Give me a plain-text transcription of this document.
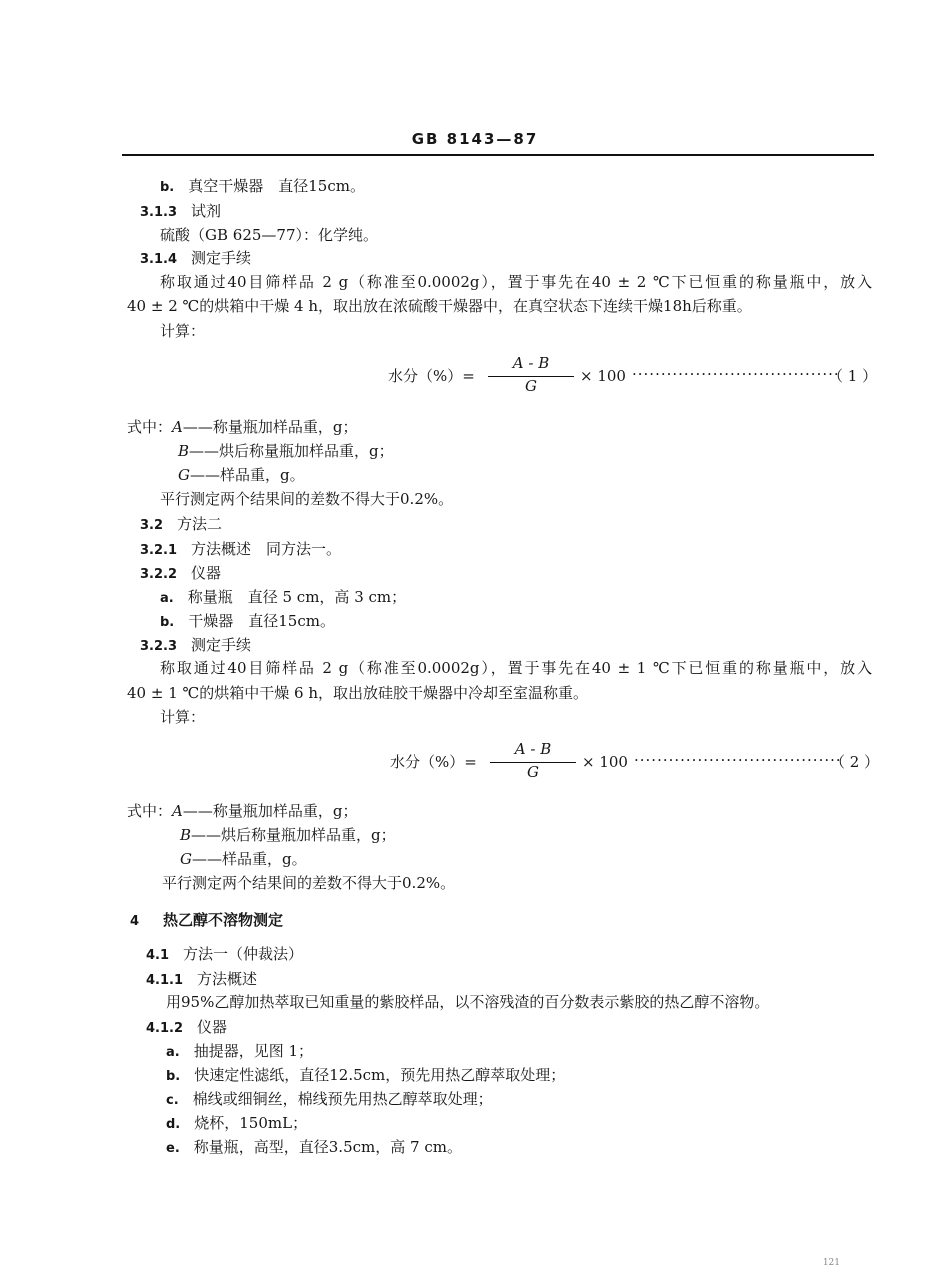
GB 8143—87
b. 真空干燥器　直径15cm。
3.1.3 试剂
硫酸（GB 625—77）：化学纯。
3.1.4 测定手续
称取通过40目筛样品 2 g（称准至0.0002g），置于事先在40 ± 2 ℃下已恒重的称量瓶中，放入
40 ± 2 ℃的烘箱中干燥 4 h，取出放在浓硫酸干燥器中，在真空状态下连续干燥18h后称重。
计算：
水分（%）=
A - B
G
× 100 ····································
（ 1 ）
式中：A——称量瓶加样品重，g；
B——烘后称量瓶加样品重，g；
G——样品重，g。
平行测定两个结果间的差数不得大于0.2%。
3.2 方法二
3.2.1 方法概述　同方法一。
3.2.2 仪器
a. 称量瓶　直径 5 cm，高 3 cm；
b. 干燥器　直径15cm。
3.2.3 测定手续
称取通过40目筛样品 2 g（称准至0.0002g），置于事先在40 ± 1 ℃下已恒重的称量瓶中，放入
40 ± 1 ℃的烘箱中干燥 6 h，取出放硅胶干燥器中冷却至室温称重。
计算：
水分（%）=
A - B
G
× 100 ····································
（ 2 ）
式中：A——称量瓶加样品重，g；
B——烘后称量瓶加样品重，g；
G——样品重，g。
平行测定两个结果间的差数不得大于0.2%。
4 热乙醇不溶物测定
4.1 方法一（仲裁法）
4.1.1 方法概述
用95%乙醇加热萃取已知重量的紫胶样品，以不溶残渣的百分数表示紫胶的热乙醇不溶物。
4.1.2 仪器
a. 抽提器，见图 1；
b. 快速定性滤纸，直径12.5cm，预先用热乙醇萃取处理；
c. 棉线或细铜丝，棉线预先用热乙醇萃取处理；
d. 烧杯，150mL；
e. 称量瓶，高型，直径3.5cm，高 7 cm。
121
